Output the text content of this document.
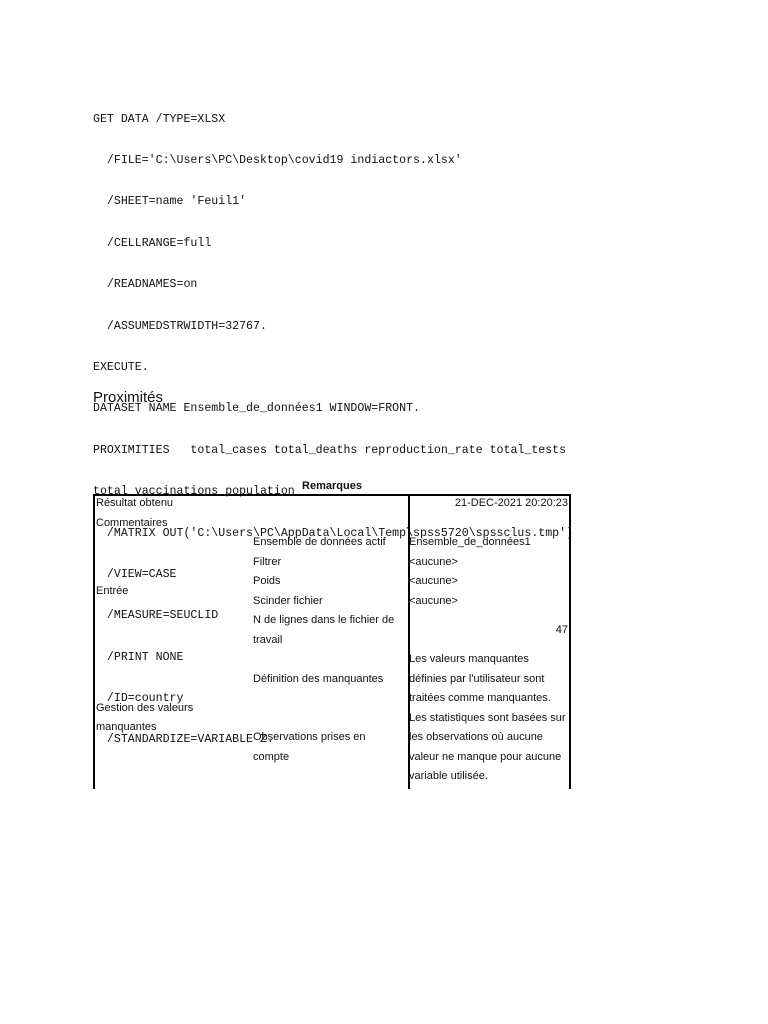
GET DATA /TYPE=XLSX

/FILE='C:\Users\PC\Desktop\covid19 indiactors.xlsx'

/SHEET=name 'Feuil1'

/CELLRANGE=full

/READNAMES=on

/ASSUMEDSTRWIDTH=32767.

EXECUTE.

DATASET NAME Ensemble_de_données1 WINDOW=FRONT.

PROXIMITIES   total_cases total_deaths reproduction_rate total_tests

total_vaccinations population

/MATRIX OUT('C:\Users\PC\AppData\Local\Temp\spss5720\spssclus.tmp')

/VIEW=CASE

/MEASURE=SEUCLID

/PRINT NONE

/ID=country

/STANDARDIZE=VARIABLE Z.

Proximités
Remarques
Résultat obtenu		21-DEC-2021 20:20:23
Commentaires		
Entrée	Ensemble de données actif	Ensemble_de_données1
	Filtrer	<aucune>
	Poids	<aucune>
	Scinder fichier	<aucune>
	N de lignes dans le fichier de travail	47
Gestion des valeurs manquantes	Définition des manquantes	Les valeurs manquantes définies par l'utilisateur sont traitées comme manquantes.
	Observations prises en compte	Les statistiques sont basées sur les observations où aucune valeur ne manque pour aucune variable utilisée.
